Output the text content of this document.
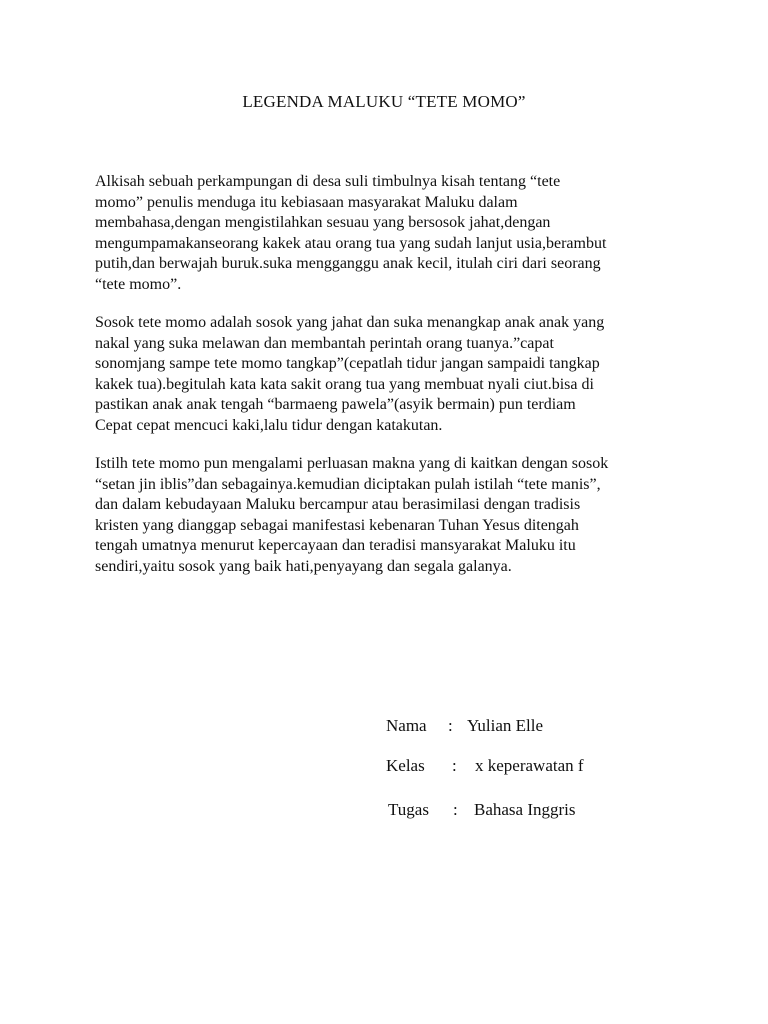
LEGENDA MALUKU “TETE MOMO”
Alkisah sebuah perkampungan di desa suli timbulnya kisah tentang “tete
momo” penulis menduga itu kebiasaan masyarakat Maluku dalam
membahasa,dengan mengistilahkan sesuau yang bersosok jahat,dengan
mengumpamakanseorang kakek atau orang tua yang sudah lanjut usia,berambut
putih,dan berwajah buruk.suka mengganggu anak kecil, itulah ciri dari seorang
“tete momo”.
Sosok tete momo adalah sosok yang jahat dan suka menangkap anak anak yang
nakal yang suka melawan dan membantah perintah orang tuanya.”capat
sonomjang sampe tete momo tangkap”(cepatlah tidur jangan sampaidi tangkap
kakek tua).begitulah kata kata sakit orang tua yang membuat nyali ciut.bisa di
pastikan anak anak tengah “barmaeng pawela”(asyik bermain) pun terdiam
Cepat cepat mencuci kaki,lalu tidur dengan katakutan.
Istilh tete momo pun mengalami perluasan makna yang di kaitkan dengan sosok
“setan jin iblis”dan sebagainya.kemudian diciptakan pulah istilah “tete manis”,
dan dalam kebudayaan Maluku bercampur atau berasimilasi dengan tradisis
kristen yang dianggap sebagai manifestasi kebenaran Tuhan Yesus ditengah
tengah umatnya menurut kepercayaan dan teradisi mansyarakat Maluku itu
sendiri,yaitu sosok yang baik hati,penyayang dan segala galanya.
Nama : Yulian Elle
Kelas : x keperawatan f
Tugas : Bahasa Inggris
